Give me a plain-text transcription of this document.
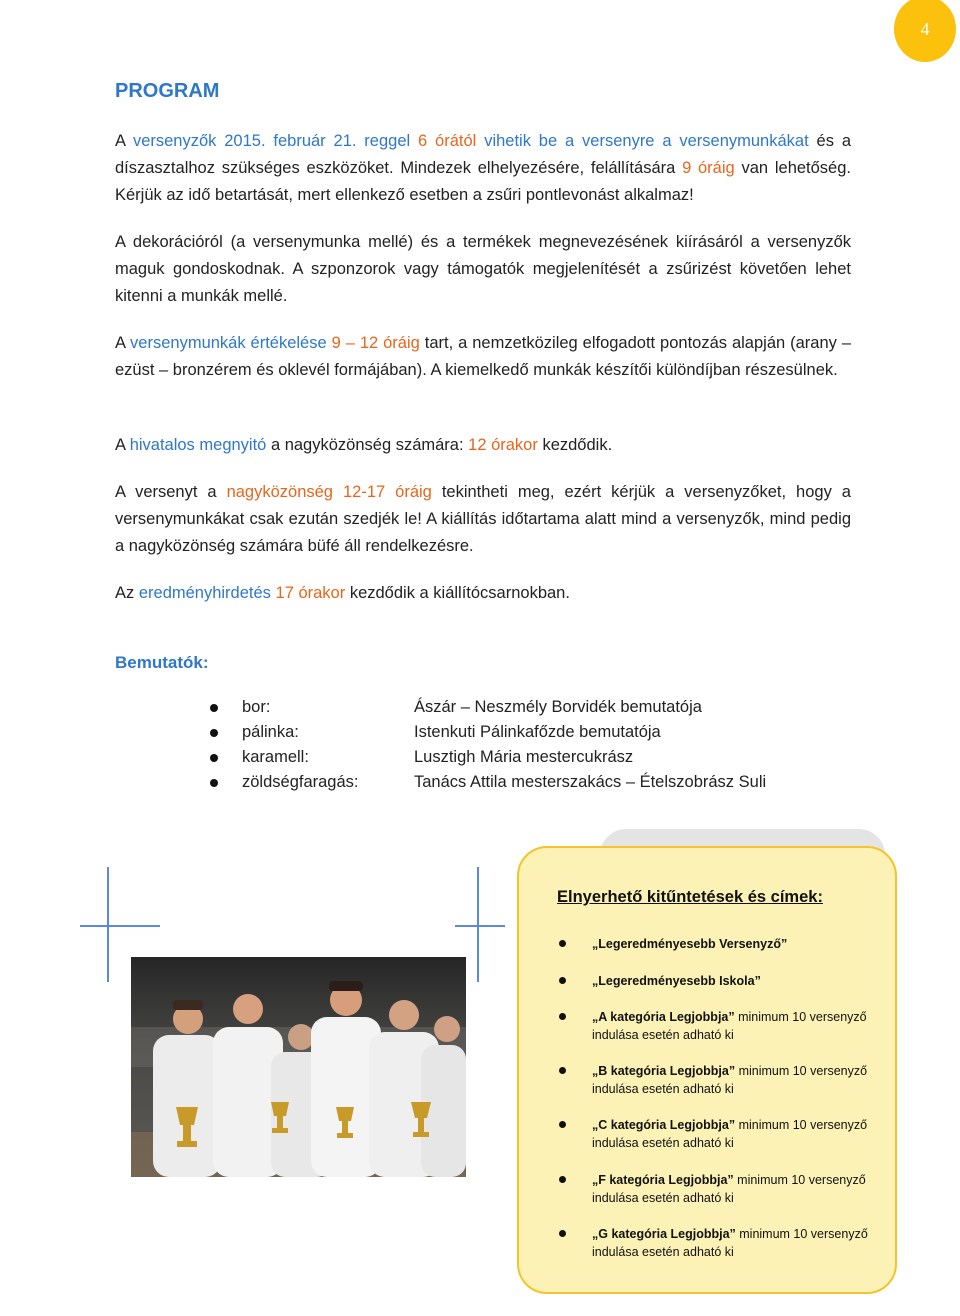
4
PROGRAM

A versenyzők 2015. február 21. reggel 6 órától vihetik be a versenyre a versenymunkákat és a díszasztalhoz szükséges eszközöket. Mindezek elhelyezésére, felállítására 9 óráig van lehetőség. Kérjük az idő betartását, mert ellenkező esetben a zsűri pontlevonást alkalmaz!

A dekorációról (a versenymunka mellé) és a termékek megnevezésének kiírásáról a versenyzők maguk gondoskodnak. A szponzorok vagy támogatók megjelenítését a zsűrizést követően lehet kitenni a munkák mellé.

A versenymunkák értékelése 9 – 12 óráig tart, a nemzetközileg elfogadott pontozás alapján (arany – ezüst – bronzérem és oklevél formájában). A kiemelkedő munkák készítői különdíjban részesülnek.

A hivatalos megnyitó a nagyközönség számára: 12 órakor kezdődik.

A versenyt a nagyközönség 12-17 óráig tekintheti meg, ezért kérjük a versenyzőket, hogy a versenymunkákat csak ezután szedjék le! A kiállítás időtartama alatt mind a versenyzők, mind pedig a nagyközönség számára büfé áll rendelkezésre.

Az eredményhirdetés 17 órakor kezdődik a kiállítócsarnokban.

Bemutatók:
bor:	Ászár – Neszmély Borvidék bemutatója
pálinka:	Istenkuti Pálinkafőzde bemutatója
karamell:	Lusztigh Mária mestercukrász
zöldségfaragás:	Tanács Attila mesterszakács – Ételszobrász Suli
Elnyerhető kitűntetések és címek:
„Legeredményesebb Versenyző”
„Legeredményesebb Iskola”
„A kategória Legjobbja” minimum 10 versenyző indulása esetén adható ki
„B kategória Legjobbja” minimum 10 versenyző indulása esetén adható ki
„C kategória Legjobbja” minimum 10 versenyző indulása esetén adható ki
„F kategória Legjobbja” minimum 10 versenyző indulása esetén adható ki
„G kategória Legjobbja” minimum 10 versenyző indulása esetén adható ki
